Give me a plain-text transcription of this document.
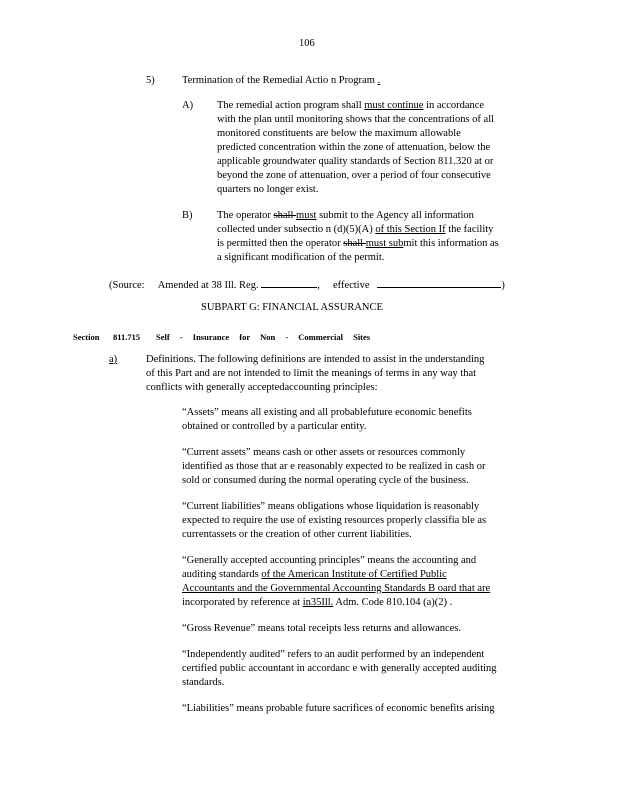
106
5)	Termination of the Remedial Actio n Program .
A) The remedial action program shall must continue in accordance
with the plan until monitoring shows that the concentrations of all
monitored constituents are below the maximum allowable
predicted concentration within the zone of attenuation, below the
applicable groundwater quality standards of Section 811.320 at or
beyond the zone of attenuation, over a period of four consecutive
quarters no longer exist.
B) The operator shall must submit to the Agency all information
collected under subsectio n (d)(5)(A) of this Section If the facility
is permitted then the operator shall must submit this information as
a significant modification of the permit.
(Source: Amended at 38 Ill. Reg.	, effective	)
SUBPART G: FINANCIAL ASSURANCE
Section 811.715 Self - Insurance for Non - Commercial Sites
a)	Definitions. The following definitions are intended to assist in the understanding
of this Part and are not intended to limit the meanings of terms in any way that
conflicts with generally acceptedaccounting principles:
“Assets” means all existing and all probablefuture economic benefits
obtained or controlled by a particular entity.
“Current assets” means cash or other assets or resources commonly
identified as those that ar e reasonably expected to be realized in cash or
sold or consumed during the normal operating cycle of the business.
“Current liabilities” means obligations whose liquidation is reasonably
expected to require the use of existing resources properly classifia ble as
currentassets or the creation of other current liabilities.
“Generally accepted accounting principles” means the accounting and
auditing standards of the American Institute of Certified Public
Accountants and the Governmental Accounting Standards B oard that are
incorporated by reference at in35Ill. Adm. Code 810.104 (a)(2) .
“Gross Revenue” means total receipts less returns and allowances.
“Independently audited” refers to an audit performed by an independent
certified public accountant in accordanc e with generally accepted auditing
standards.
“Liabilities” means probable future sacrifices of economic benefits arising
